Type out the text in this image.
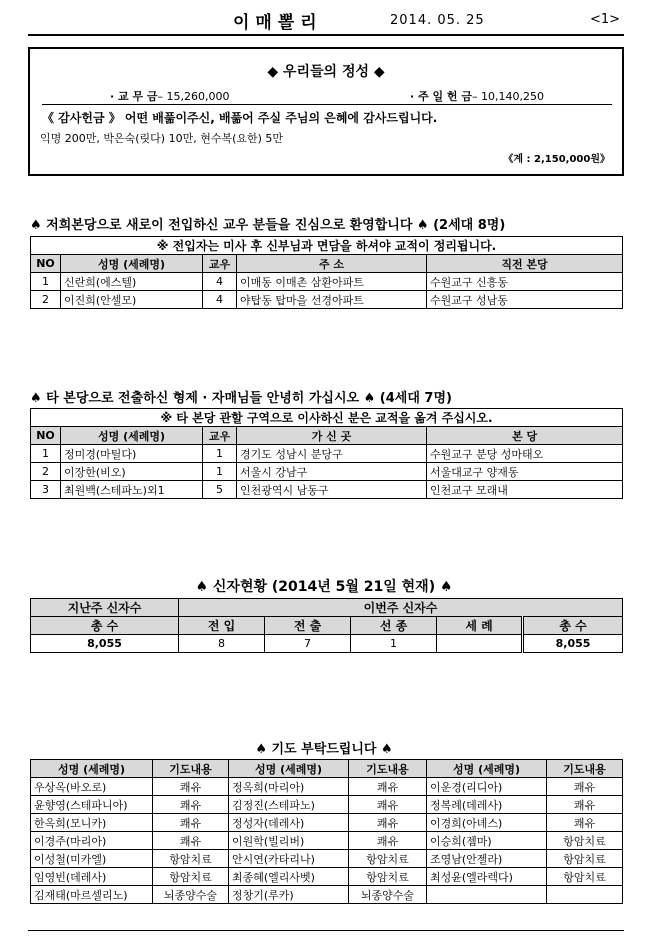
이매뽈리	2014. 05. 25	<1>
◆ 우리들의 정성 ◆
· 교 무 금– 15,260,000	· 주 일 헌 금– 10,140,250
《 감사헌금 》 어떤 배풂이주신, 배풂어 주실 주님의 은혜에 감사드립니다.
익명 200만, 박은숙(릿다) 10만, 현수복(요한) 5만
《계 : 2,150,000원》
♠ 저희본당으로 새로이 전입하신 교우 분들을 진심으로 환영합니다 ♠ (2세대 8명)
※ 전입자는 미사 후 신부님과 면담을 하셔야 교적이 정리됩니다.				
NO	성명 (세례명)	교우	주 소	직전 본당
1	신란희(에스텔)	4	이매동 이매촌 삼환아파트	수원교구 신흥동
2	이진희(안셀모)	4	야탑동 탑마을 선경아파트	수원교구 성남동
♠ 타 본당으로 전출하신 형제 · 자매님들 안녕히 가십시오 ♠ (4세대 7명)
※ 타 본당 관할 구역으로 이사하신 분은 교적을 옮겨 주십시오.				
NO	성명 (세례명)	교우	가 신 곳	본 당
1	정미경(마틸다)	1	경기도 성남시 분당구	수원교구 분당 성마태오
2	이장한(비오)	1	서울시 강남구	서울대교구 양재동
3	최원백(스테파노)외1	5	인천광역시 남동구	인천교구 모래내
♠ 신자현황 (2014년 5월 21일 현재) ♠
지난주 신자수	이번주 신자수				
총 수	전 입	전 출	선 종	세 례	총 수
8,055	8	7	1		8,055
♠ 기도 부탁드립니다 ♠
성명 (세례명)	기도내용	성명 (세례명)	기도내용	성명 (세례명)	기도내용
우상옥(바오로)	쾌유	정옥희(마리아)	쾌유	이운경(리디아)	쾌유
윤향영(스테파니아)	쾌유	김정진(스테파노)	쾌유	정복례(데레사)	쾌유
한옥희(모니카)	쾌유	정성자(데레사)	쾌유	이경희(아녜스)	쾌유
이경주(마리아)	쾌유	이원학(빌리버)	쾌유	이승희(젬마)	항암치료
이성철(미카엘)	항암치료	안시연(카타리나)	항암치료	조영남(안젤라)	항암치료
임영빈(데레사)	항암치료	최종혜(엘리사벳)	항암치료	최성윤(엘라렉다)	항암치료
김재태(마르셀리노)	뇌종양수술	정창기(루카)	뇌종양수술		
